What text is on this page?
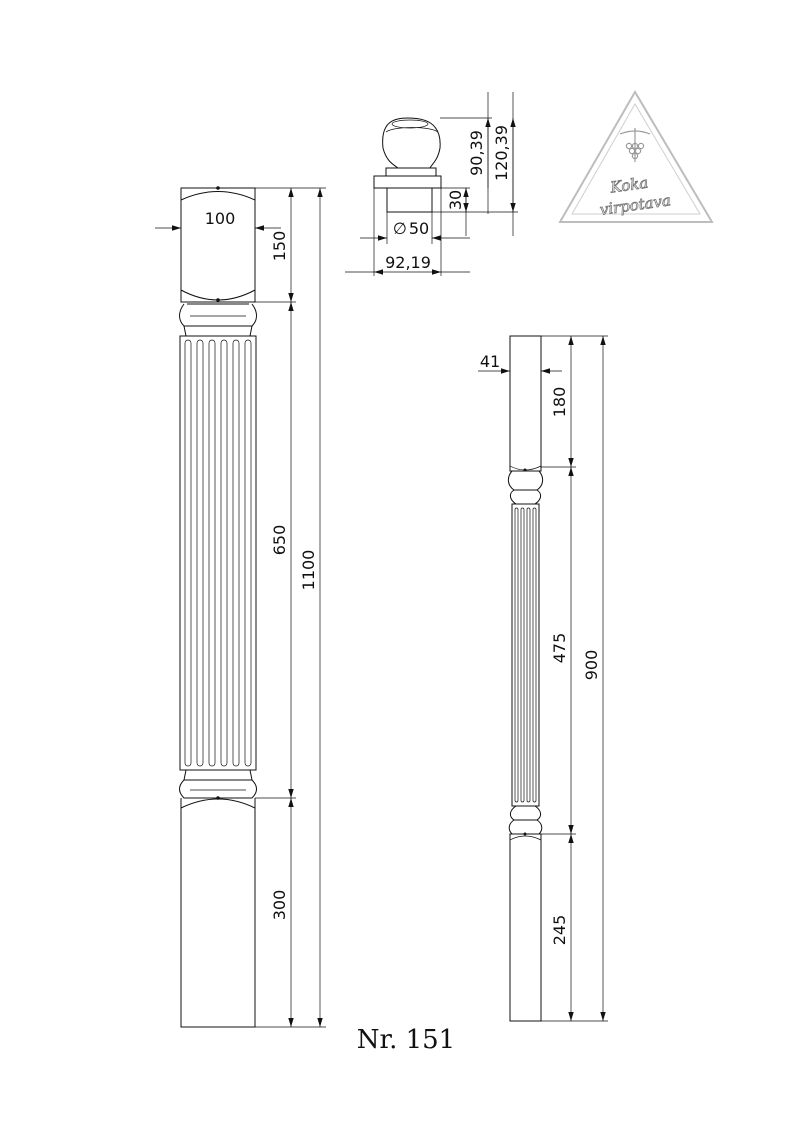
Koka
virpotava
90,39 120,39
30
∅ 50
92,19
100
150
650
300
1100
41
180
475
245
900
Nr. 151
